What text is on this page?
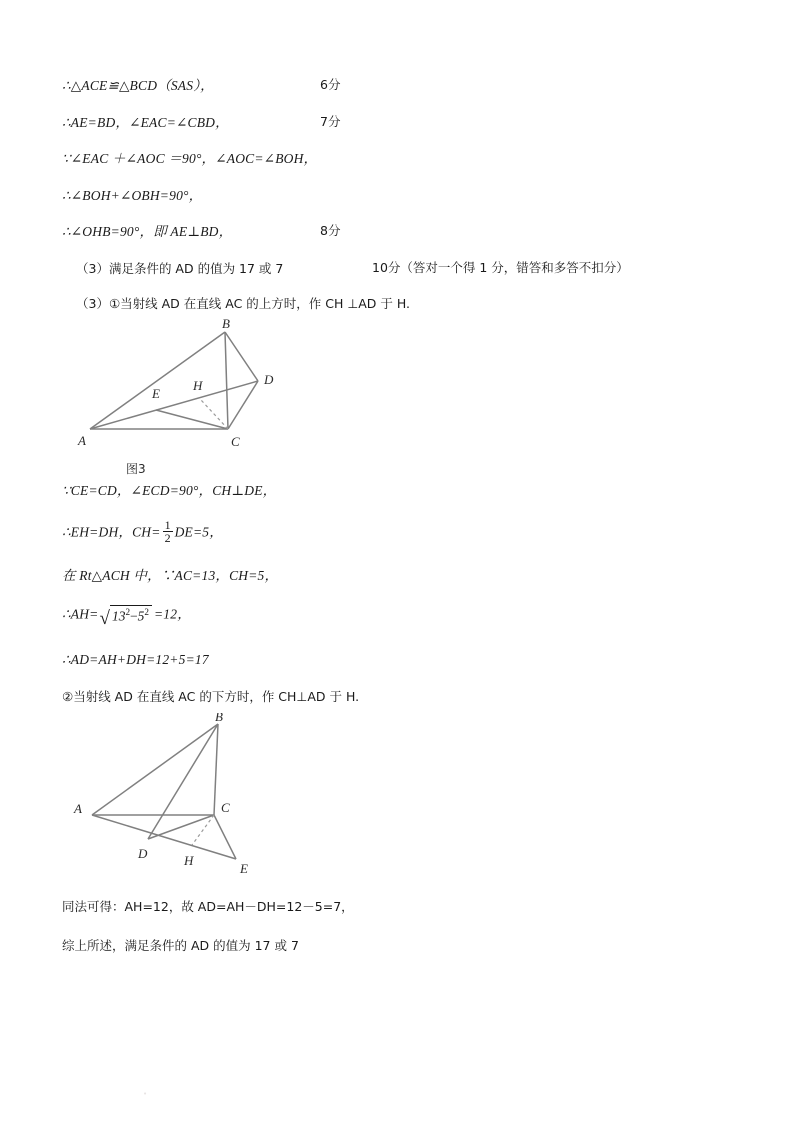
∴△ACE≌△BCD（SAS），	6分
∴AE=BD，∠EAC=∠CBD，	7分
∵∠EAC ＋∠AOC ＝90°，∠AOC=∠BOH，
∴∠BOH+∠OBH=90°，
∴∠OHB=90°，即 AE⊥BD，	8分
（3）满足条件的 AD 的值为 17 或 7	10分（答对一个得 1 分，错答和多答不扣分）
（3）①当射线 AD 在直线 AC 的上方时，作 CH ⊥AD 于 H.
B
D
A	C
E
H
图3
∵CE=CD，∠ECD=90°，CH⊥DE，
∴EH=DH，$CH= \frac{1}{2} DE=5$，
在 Rt△ACH 中，∵AC=13，CH=5，
∴AH=√ $13^2-5^2 =12$，
∴AD=AH+DH=12+5=17
②当射线 AD 在直线 AC 的下方时，作 CH⊥AD 于 H.
B
A	C
D	H
E
同法可得：AH=12，故 AD=AH－DH=12－5=7，
综上所述，满足条件的 AD 的值为 17 或 7
•
